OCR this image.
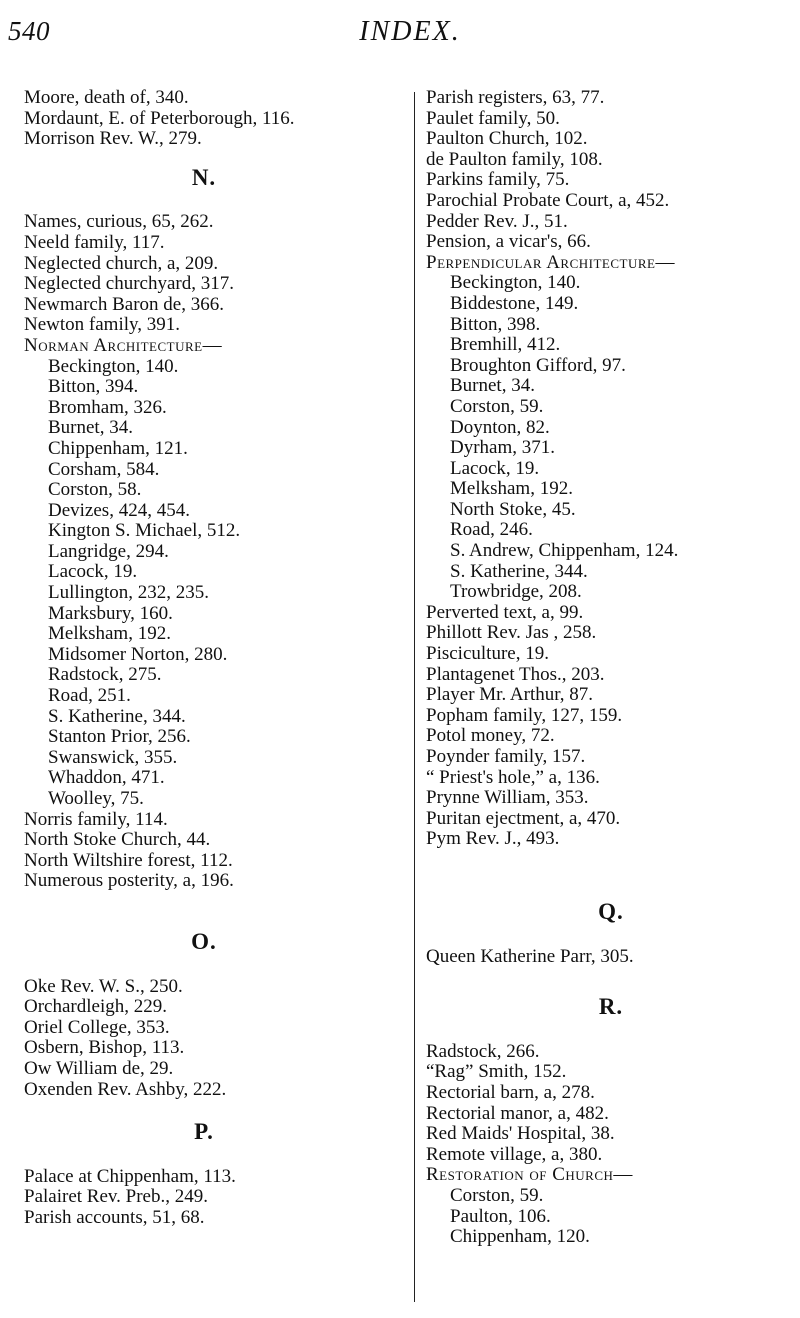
540	INDEX.
Moore, death of, 340.
Mordaunt, E. of Peterborough, 116.
Morrison Rev. W., 279.
N.
Names, curious, 65, 262.
Neeld family, 117.
Neglected church, a, 209.
Neglected churchyard, 317.
Newmarch Baron de, 366.
Newton family, 391.
Norman Architecture—
Beckington, 140.
Bitton, 394.
Bromham, 326.
Burnet, 34.
Chippenham, 121.
Corsham, 584.
Corston, 58.
Devizes, 424, 454.
Kington S. Michael, 512.
Langridge, 294.
Lacock, 19.
Lullington, 232, 235.
Marksbury, 160.
Melksham, 192.
Midsomer Norton, 280.
Radstock, 275.
Road, 251.
S. Katherine, 344.
Stanton Prior, 256.
Swanswick, 355.
Whaddon, 471.
Woolley, 75.
Norris family, 114.
North Stoke Church, 44.
North Wiltshire forest, 112.
Numerous posterity, a, 196.
O.
Oke Rev. W. S., 250.
Orchardleigh, 229.
Oriel College, 353.
Osbern, Bishop, 113.
Ow William de, 29.
Oxenden Rev. Ashby, 222.
P.
Palace at Chippenham, 113.
Palairet Rev. Preb., 249.
Parish accounts, 51, 68.
Parish registers, 63, 77.
Paulet family, 50.
Paulton Church, 102.
de Paulton family, 108.
Parkins family, 75.
Parochial Probate Court, a, 452.
Pedder Rev. J., 51.
Pension, a vicar's, 66.
Perpendicular Architecture—
Beckington, 140.
Biddestone, 149.
Bitton, 398.
Bremhill, 412.
Broughton Gifford, 97.
Burnet, 34.
Corston, 59.
Doynton, 82.
Dyrham, 371.
Lacock, 19.
Melksham, 192.
North Stoke, 45.
Road, 246.
S. Andrew, Chippenham, 124.
S. Katherine, 344.
Trowbridge, 208.
Perverted text, a, 99.
Phillott Rev. Jas , 258.
Pisciculture, 19.
Plantagenet Thos., 203.
Player Mr. Arthur, 87.
Popham family, 127, 159.
Potol money, 72.
Poynder family, 157.
“ Priest's hole,” a, 136.
Prynne William, 353.
Puritan ejectment, a, 470.
Pym Rev. J., 493.
Q.
Queen Katherine Parr, 305.
R.
Radstock, 266.
“Rag” Smith, 152.
Rectorial barn, a, 278.
Rectorial manor, a, 482.
Red Maids' Hospital, 38.
Remote village, a, 380.
Restoration of Church—
Corston, 59.
Paulton, 106.
Chippenham, 120.
